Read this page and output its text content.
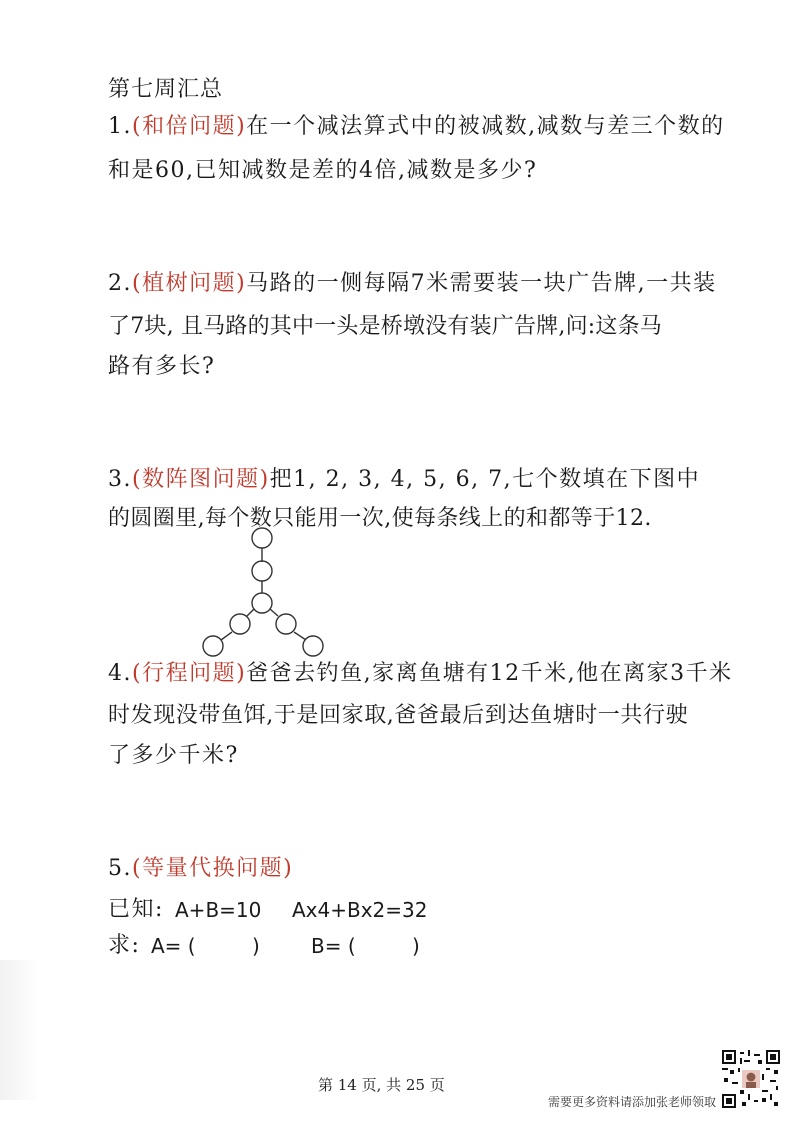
第七周汇总
1.(和倍问题)在一个减法算式中的被减数,减数与差三个数的
和是60,已知减数是差的4倍,减数是多少?
2.(植树问题)马路的一侧每隔7米需要装一块广告牌,一共装
了7块, 且马路的其中一头是桥墩没有装广告牌,问:这条马
路有多长?
3.(数阵图问题)把1, 2, 3, 4, 5, 6, 7,七个数填在下图中
的圆圈里,每个数只能用一次,使每条线上的和都等于12.
4.(行程问题)爸爸去钓鱼,家离鱼塘有12千米,他在离家3千米
时发现没带鱼饵,于是回家取,爸爸最后到达鱼塘时一共行驶
了多少千米?
5.(等量代换问题)
已知: A+B=10 Ax4+Bx2=32
求: A= (	)	B= (	)
第 14 页, 共 25 页
需要更多资料请添加张老师领取
